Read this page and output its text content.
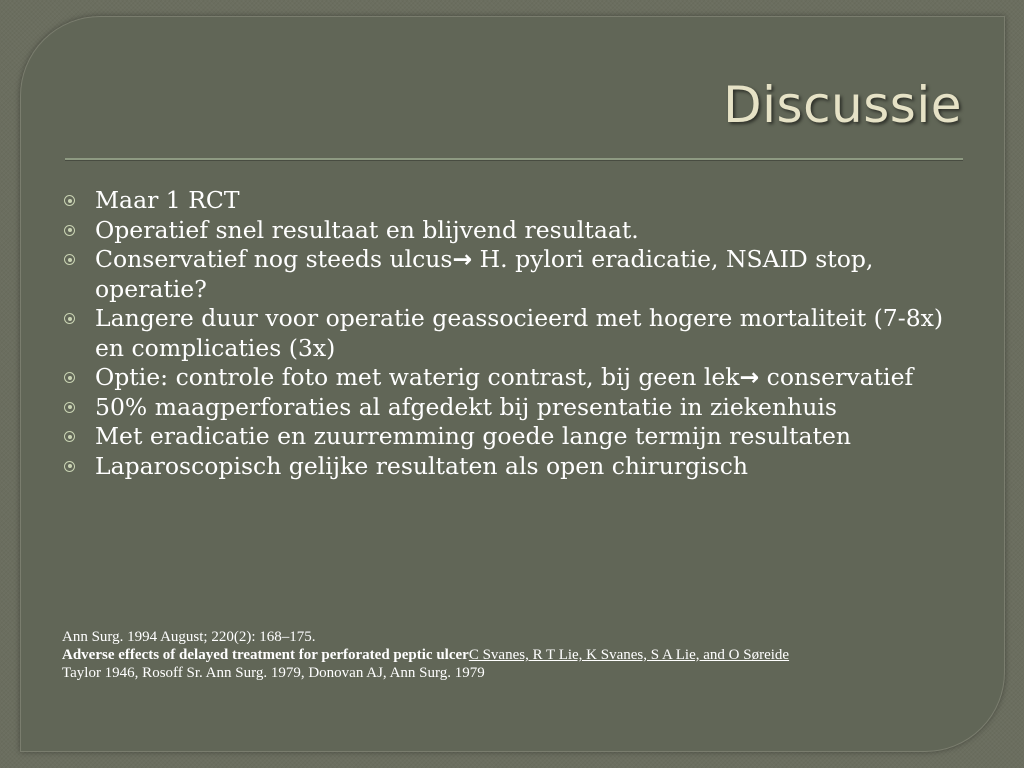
Discussie
Maar 1 RCT
Operatief snel resultaat en blijvend resultaat.
Conservatief nog steeds ulcus→ H. pylori eradicatie, NSAID stop, operatie?
Langere duur voor operatie geassocieerd met hogere mortaliteit (7-8x) en complicaties (3x)
Optie: controle foto met waterig contrast, bij geen lek→ conservatief
50% maagperforaties al afgedekt bij presentatie in ziekenhuis
Met eradicatie en zuurremming goede lange termijn resultaten
Laparoscopisch gelijke resultaten als open chirurgisch

Ann Surg. 1994 August; 220(2): 168–175.

Adverse effects of delayed treatment for perforated peptic ulcerC Svanes, R T Lie, K Svanes, S A Lie, and O Søreide

Taylor 1946, Rosoff Sr. Ann Surg. 1979, Donovan AJ, Ann Surg. 1979
